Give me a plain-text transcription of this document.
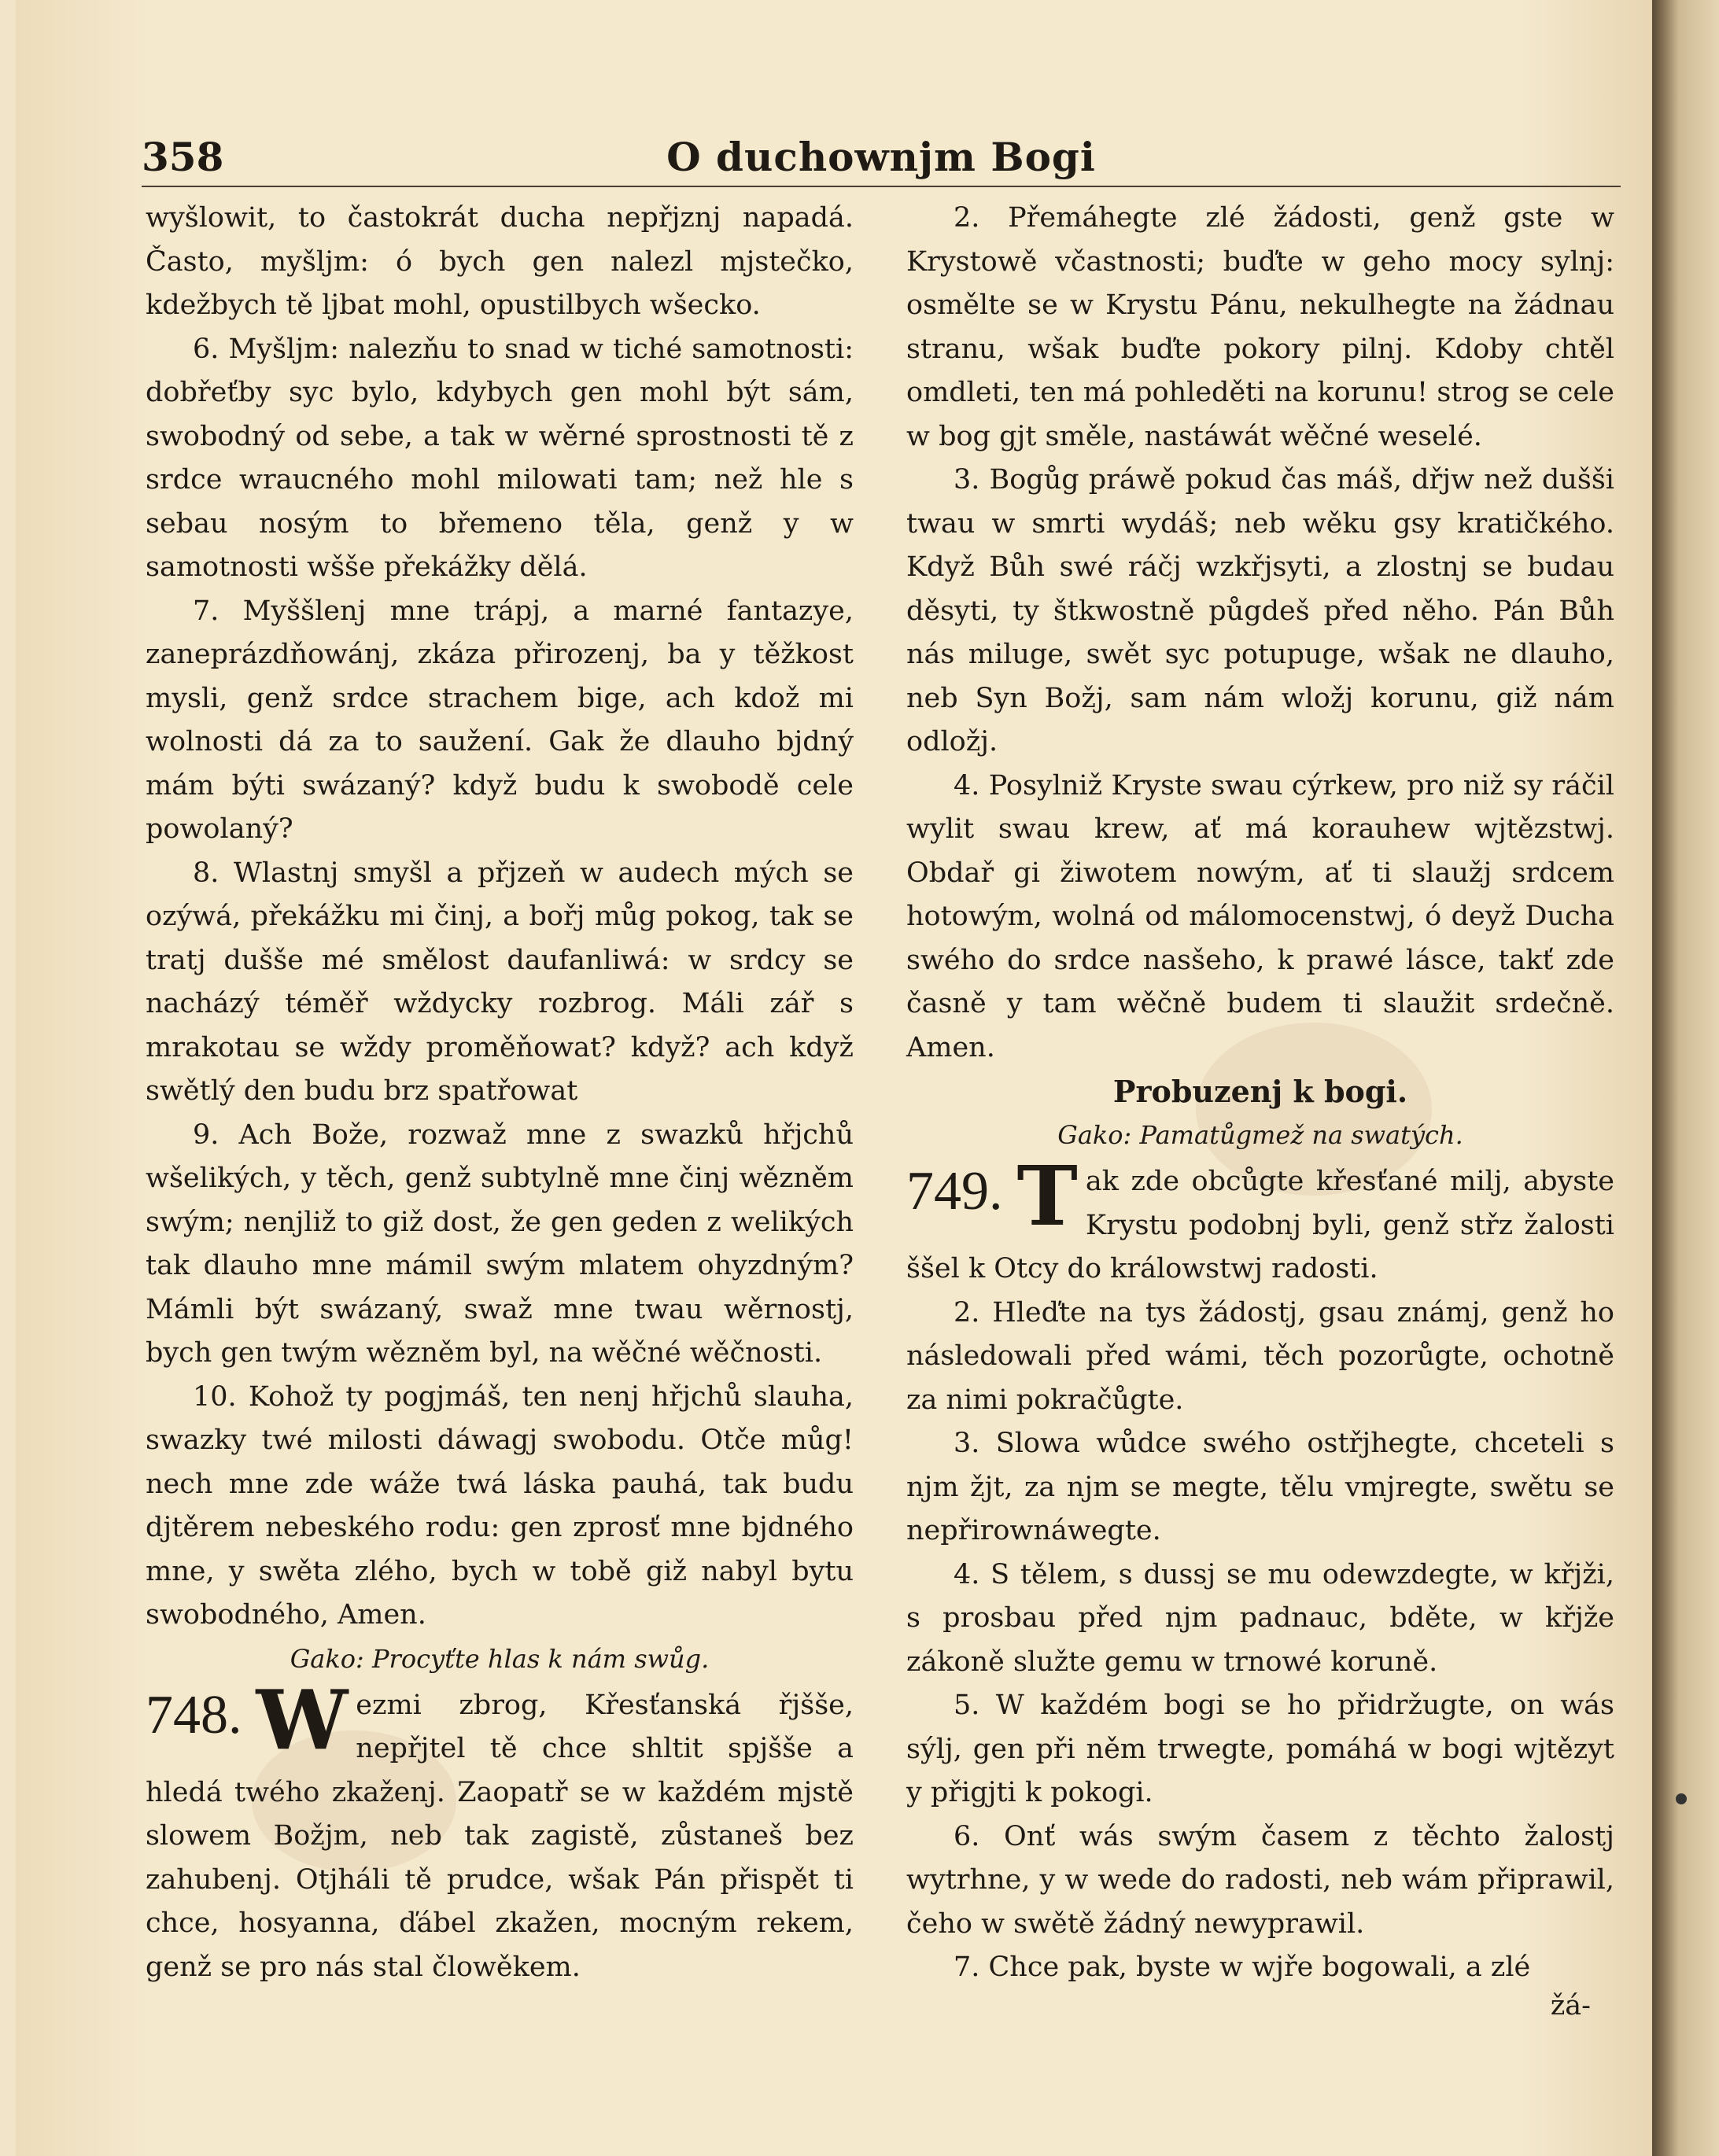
358	O duchownjm Bogi

wyšlowit, to častokrát ducha nepřjznj napadá. Často, myšljm: ó bych gen nalezl mjstečko, kdežbych tě ljbat mohl, opustilbych wšecko.

6. Myšljm: nalezňu to snad w tiché samotnosti: dobřeťby syc bylo, kdybych gen mohl být sám, swobodný od sebe, a tak w wěrné sprostnosti tě z srdce wraucného mohl milowati tam; než hle s sebau nosým to břemeno těla, genž y w samotnosti wšše překážky dělá.

7. Myššlenj mne trápj, a marné fantazye, zaneprázdňowánj, zkáza přirozenj, ba y těžkost mysli, genž srdce strachem bige, ach kdož mi wolnosti dá za to saužení. Gak že dlauho bjdný mám býti swázaný? když budu k swobodě cele powolaný?

8. Wlastnj smyšl a přjzeň w audech mých se ozýwá, překážku mi činj, a bořj můg pokog, tak se tratj dušše mé smělost daufanliwá: w srdcy se nacházý téměř wždycky rozbrog. Máli zář s mrakotau se wždy proměňowat? když? ach když swětlý den budu brz spatřowat

9. Ach Bože, rozwaž mne z swazků hřjchů wšelikých, y těch, genž subtylně mne činj wězněm swým; nenjliž to giž dost, že gen geden z welikých tak dlauho mne mámil swým mlatem ohyzdným? Mámli být swázaný, swaž mne twau wěrnostj, bych gen twým wězněm byl, na wěčné wěčnosti.

10. Kohož ty pogjmáš, ten nenj hřjchů slauha, swazky twé milosti dáwagj swobodu. Otče můg! nech mne zde wáže twá láska pauhá, tak budu djtěrem nebeského rodu: gen zprosť mne bjdného mne, y swěta zlého, bych w tobě giž nabyl bytu swobodného, Amen.

Gako: Procyťte hlas k nám swůg.
748. W ezmi zbrog, Křesťanská řjšše, nepřjtel tě chce shltit spjšše a hledá twého zkaženj. Zaopatř se w každém mjstě slowem Božjm, neb tak zagistě, zůstaneš bez zahubenj. Otjháli tě prudce, wšak Pán přispět ti chce, hosyanna, ďábel zkažen, mocným rekem, genž se pro nás stal člowěkem.

2. Přemáhegte zlé žádosti, genž gste w Krystowě včastnosti; buďte w geho mocy sylnj: osmělte se w Krystu Pánu, nekulhegte na žádnau stranu, wšak buďte pokory pilnj. Kdoby chtěl omdleti, ten má pohleděti na korunu! strog se cele w bog gjt směle, nastáwát wěčné weselé.

3. Bogůg práwě pokud čas máš, dřjw než dušši twau w smrti wydáš; neb wěku gsy kratičkého. Když Bůh swé ráčj wzkřjsyti, a zlostnj se budau děsyti, ty štkwostně půgdeš před něho. Pán Bůh nás miluge, swět syc potupuge, wšak ne dlauho, neb Syn Božj, sam nám wložj korunu, giž nám odložj.

4. Posylniž Kryste swau cýrkew, pro niž sy ráčil wylit swau krew, ať má korauhew wjtězstwj. Obdař gi žiwotem nowým, ať ti slaužj srdcem hotowým, wolná od málomocenstwj, ó deyž Ducha swého do srdce nasšeho, k prawé lásce, takť zde časně y tam wěčně budem ti slaužit srdečně. Amen.

Probuzenj k bogi.
Gako: Pamatůgmež na swatých.
749. T ak zde obcůgte křesťané milj, abyste Krystu podobnj byli, genž střz žalosti ššel k Otcy do králowstwj radosti.

2. Hleďte na tys žádostj, gsau známj, genž ho následowali před wámi, těch pozorůgte, ochotně za nimi pokračůgte.

3. Slowa wůdce swého ostřjhegte, chceteli s njm žjt, za njm se megte, tělu vmjregte, swětu se nepřirownáwegte.

4. S tělem, s dussj se mu odewzdegte, w křjži, s prosbau před njm padnauc, bděte, w křjže zákoně služte gemu w trnowé koruně.

5. W každém bogi se ho přidržugte, on wás sýlj, gen při něm trwegte, pomáhá w bogi wjtězyt y přigjti k pokogi.

6. Onť wás swým časem z těchto žalostj wytrhne, y w wede do radosti, neb wám připrawil, čeho w swětě žádný newyprawil.

7. Chce pak, byste w wjře bogowali, a zlé

žá-
